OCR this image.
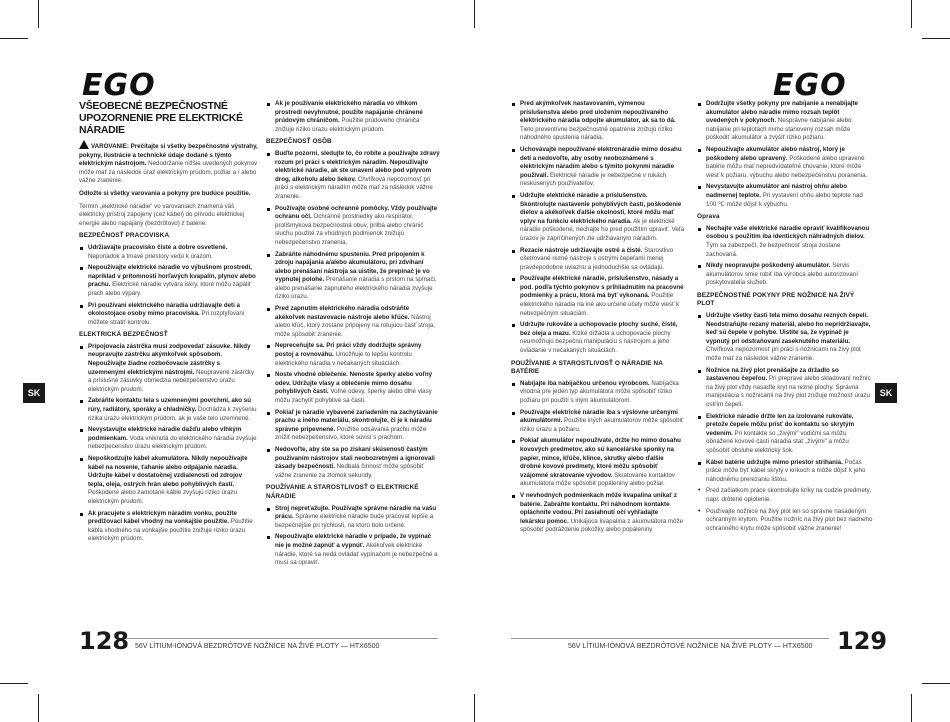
EGO
VŠEOBECNÉ BEZPEČNOSTNÉ UPOZORNENIE PRE ELEKTRICKÉ NÁRADIE
VAROVANIE: Prečítajte si všetky bezpečnostné výstrahy, pokyny, ilustrácie a technické údaje dodané s týmto elektrickým nástrojom. Nedodržanie nižšie uvedených pokynov môže mať za následok úraz elektrickým prúdom, požiar a / alebo vážne zranenie.
Odložte si všetky varovania a pokyny pre budúce použitie.
Termín „elektrické náradie" vo varovaniach znamená váš elektrický prístroj zapojený (cez kábel) do prívodu elektrickej energie alebo napájaný (bezdrôtovo) z batérie.
BEZPEČNOSŤ PRACOVISKA
Udržiavajte pracovisko čisté a dobre osvetlené. Neporiadok a tmavé priestory vedú k úrazom.
Nepoužívajte elektrické náradie vo výbušnom prostredí, napríklad v prítomnosti horľavých kvapalín, plynov alebo prachu. Elektrické náradie vytvára iskry, ktoré môžu zapáliť prach alebo výpary.
Pri používaní elektrického náradia udržiavajte deti a okolostojace osoby mimo pracoviska. Pri rozptyľovaní môžete stratiť kontrolu.
ELEKTRICKÁ BEZPEČNOSŤ
Prípojovacia zástrčka musí zodpovedať zásuvke. Nikdy neupravujte zástrčku akýmkoľvek spôsobom. Nepoužívajte žiadne rozbočovacie zástrčky s uzemnenými elektrickými nástrojmi. Neupravené zástrčky a príslušné zásuvky obmedzia nebezpečenstvo úrazu elektrickým prúdom.
Zabráňte kontaktu tela s uzemnenými povrchmi, ako sú rúry, radiátory, sporáky a chladničky. Dochádza k zvýšeniu rizika úrazu elektrickým prúdom, ak je vaše telo uzemnené.
Nevystavujte elektrické náradie dažďu alebo vlhkým podmienkam. Voda vniknutá do elektrického náradia zvyšuje nebezpečenstvo úrazu elektrickým prúdom.
Nepoškodzujte kábel akumulátora. Nikdy nepoužívajte kábel na nosenie, ťahanie alebo odpájanie náradia. Udržujte kábel v dostatočnej vzdialenosti od zdrojov tepla, oleja, ostrých hrán alebo pohyblivých častí. Poškodené alebo zamotané káble zvyšujú riziko úrazu elektrickým prúdom.
Ak pracujete s elektrickým náradím vonku, použite predlžovací kábel vhodný na vonkajšie použitie. Použitie kábla vhodného na vonkajšie použitie znižuje riziko úrazu elektrickým prúdom.
Ak je používanie elektrického náradia vo vlhkom prostredí nevyhnutné, použite napájanie chránené prúdovým chráničom. Použitie prúdového chrániča znižuje riziko úrazu elektrickým prúdom.
BEZPEČNOSŤ OSÔB
Buďte pozorní, sledujte to, čo robíte a používajte zdravý rozum pri práci s elektrickým náradím. Nepoužívajte elektrické náradie, ak ste unavení alebo pod vplyvom drog, alkoholu alebo liekov. Chvíľková nepozornosť pri práci s elektrickým náradím môže mať za následok vážne zranenie.
Používajte osobné ochranné pomôcky. Vždy používajte ochranu očí. Ochranné prostriedky ako respirátor, protišmyková bezpečnostná obuv, prilba alebo chránič sluchu použité za vhodných podmienok znižujú nebezpečenstvo zranenia.
Zabráňte náhodnému spusteniu. Pred pripojením k zdroju napájania a/alebo akumulátoru, pri zdvíhaní alebo prenášaní nástroja sa uistite, že prepínač je vo vypnutej polohe. Prenášanie náradia s prstom na spínači, alebo prenášanie zapnutého elektrického náradia zvyšuje riziko úrazu.
Pred zapnutím elektrického náradia odstráňte akékoľvek nastavovacie nástroje alebo kľúče. Nástroj alebo kľúč, ktorý zostane pripojený na rotujúcu časť stroja, môže spôsobiť zranenie.
Nepreceňujte sa. Pri práci vždy dodržujte správny postoj a rovnováhu. Umožňuje to lepšiu kontrolu elektrického náradia v nečakaných situáciách.
Noste vhodné oblečenie. Nenoste šperky alebo voľný odev. Udržujte vlasy a oblečenie mimo dosahu pohyblivých častí. Voľné odevy, šperky alebo dlhé vlasy môžu zachytiť pohyblivé sa časti.
Pokiaľ je náradie vybavené zariadením na zachytávanie prachu a iného materiálu, skontrolujte, či je k náradiu správne pripevnené. Použitie odsávania prachu môže znížiť nebezpečenstvo, ktoré súvisí s prachom.
Nedovoľte, aby ste sa po získaní skúseností častým používaním nástrojov stali neobozretnými a ignorovali zásady bezpečnosti. Nedbalá činnosť môže spôsobiť vážne zranenie za zlomok sekundy.
POUŽÍVANIE A STAROSTLIVOSŤ O ELEKTRICKÉ NÁRADIE
Stroj nepreťažujte. Používajte správne náradie na vašu prácu. Správne elektrické náradie bude pracovať lepšie a bezpečnejšie pri rýchlosti, na ktorú bolo určené.
Nepoužívajte elektrické náradie v prípade, že vypínač nie je možné zapnúť a vypnúť. Akékoľvek elektrické náradie, ktoré sa nedá ovládať vypínačom je nebezpečné a musí sa opraviť.
SK
128 56V LÍTIUM-IÓNOVÁ BEZDRÔTOVÉ NOŽNICE NA ŽIVÉ PLOTY — HTX6500
EGO
Pred akýmkoľvek nastavovaním, výmenou príslušenstva alebo pred uložením nepoužívaného elektrického náradia odpojte akumulátor, ak sa to dá. Tieto preventívne bezpečnostné opatrenia znižujú riziko náhodného spustenia náradia.
Uchovávajte nepoužívané elektronáradie mimo dosahu detí a nedovoľte, aby osoby neoboznámené s elektrickým náradím alebo s týmito pokynmi náradie používali. Elektrické náradie je nebezpečné v rukách neskúsených používateľov.
Udržujte elektrické náradie a príslušenstvo. Skontrolujte nastavenie pohyblivých častí, poškodenie dielov a akékoľvek ďalšie okolnosti, ktoré môžu mať vplyv na funkciu elektrického náradia. Ak je elektrické náradie poškodené, nechajte ho pred použitím opraviť. Veľa úrazov je zapríčinených zle udržiavaným náradím.
Rezacie nástroje udržiavajte ostré a čisté. Starostlivo ošetrované rezné nástroje s ostrými čepeľami menej pravdepodobne uviaznu a jednoduchšie sa ovládajú.
Používajte elektrické náradie, príslušenstvo, násady a pod. podľa týchto pokynov s prihliadnutím na pracovné podmienky a prácu, ktorá má byť vykonaná. Použitie elektrického náradia na iné ako určené účely môže viesť k nebezpečným situáciám.
Udržujte rukoväte a uchopovacie plochy suché, čisté, bez oleja a mazu. Klzké držadlá a uchopovacie plochy neumožňujú bezpečnú manipuláciu s nástrojom a jeho ovládanie v nečakaných situáciách.
POUŽÍVANIE A STAROSTLIVOSŤ O NÁRADIE NA BATÉRIE
Nabíjajte iba nabíjačkou určenou výrobcom. Nabíjačka vhodná pre jeden typ akumulátora môže spôsobiť riziko požiaru pri použití s iným akumulátorom.
Používajte elektrické náradie iba s výslovne určenými akumulátormi. Použitie iných akumulátorov môže spôsobiť riziko úrazu a požiaru.
Pokiaľ akumulátor nepoužívate, držte ho mimo dosahu kovových predmetov, ako sú kancelárske sponky na papier, mince, kľúče, klince, skrutky alebo ďalšie drobné kovové predmety, ktoré môžu spôsobiť vzájomné skratovanie vývodov. Skratovanie kontaktov akumulátora môže spôsobiť popáleniny alebo požiar.
V nevhodných podmienkach môže kvapalina unikať z batérie. Zabráňte kontaktu. Pri náhodnom kontakte opláchnite vodou. Pri zasiahnutí očí vyhľadajte lekársku pomoc. Unikajúca kvapalina z akumulátora môže spôsobiť podráždenie pokožky alebo popáleniny
Dodržujte všetky pokyny pre nabíjanie a nenabíjajte akumulátor alebo náradie mimo rozsah teplôt uvedených v pokynoch. Nesprávne nabíjanie alebo nabíjanie pri teplotách mimo stanovený rozsah môže poškodiť akumulátor a zvýšiť riziko požiaru.
Nepoužívajte akumulátor alebo nástroj, ktorý je poškodený alebo upravený. Poškodené alebo upravené batérie môžu mať nepredvídateľné chovanie, ktoré môže viesť k požiaru, výbuchu alebo nebezpečenstvu poranenia.
Nevystavujte akumulátor ani nástroj ohňu alebo nadmernej teplote. Pri vystavení ohňu alebo teplote nad 100 ℃ môže dôjsť k výbuchu.
Oprava
Nechajte vaše elektrické náradie opraviť kvalifikovanou osobou s použitím iba identických náhradných dielov. Tým sa zabezpečí, že bezpečnosť stroja zostane zachovaná.
Nikdy neopravujte poškodený akumulátor. Servis akumulátorov smie robiť iba výrobca alebo autorizovaní poskytovatelia služieb.
BEZPEČNOSTNÉ POKYNY PRE NOŽNICE NA ŽIVÝ PLOT
Udržujte všetky časti tela mimo dosahu rezných čepelí. Neodstraňujte rezaný materiál, alebo ho nepridržiavajte, keď sú čepele v pohybe. Uistite sa, že vypínač je vypnutý pri odstraňovaní zaseknutého materiálu. Chvíľková nepozornosť pri práci s nožnicami na živý plot môže mať za následok vážne zranenie.
Nožnice na živý plot prenášajte za držadlo so zastavenou čepeľou. Pri preprave alebo skladovaní nožníc na živý plot vždy nasaďte kryt na rezné plochy. Správna manipulácia s nožnicami na živý plot znižuje možnosť úrazu ostrím čepelí.
Elektrické náradie držte len za izolované rukoväte, pretože čepele môžu prísť do kontaktu so skrytým vedením. Pri kontakte so „živými" vodičmi sa môžu obnažené kovové časti náradia stať „živými" a môžu spôsobiť obsluhe elektrický šok.
Kábel batérie udržujte mimo priestor strihania. Počas práce môže byť kábel skrytý v kríkoch a môže dôjsť k jeho náhodnému prerezaniu lištou.
• Pred začiatkom práce skontrolujte kríky na cudzie predmety, napr. drôtené oplotenie.
• Používajte nožnice na živý plot len so správne nasadeným ochranným krytom. Použitie nožníc na živý plot bez riadneho ochranného krytu môže spôsobiť vážne zranenie!
SK
56V LÍTIUM-IÓNOVÁ BEZDRÔTOVÉ NOŽNICE NA ŽIVÉ PLOTY — HTX6500 129
